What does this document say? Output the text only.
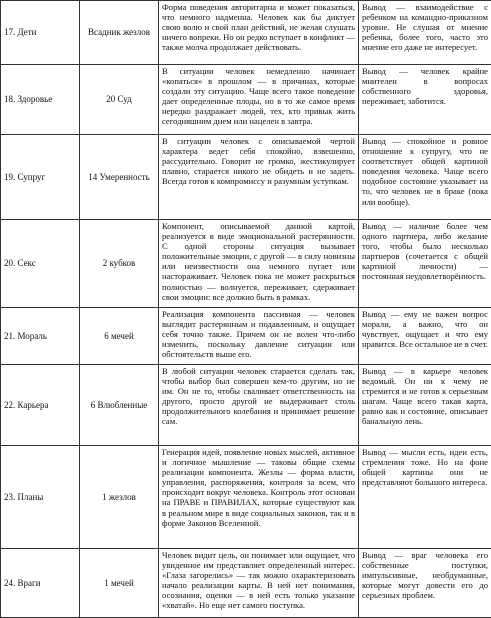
17. Дети	Всадник жезлов	Форма поведения авторитарна и может показаться, что немного надменна. Человек как бы диктует свою волю и свой план действий, не желая слушать ничего вопреки. Но он редко вступает в конфликт — также молча продолжает действовать.	Вывод — взаимодействие с ребенком на командно-приказном уровне. Не слушая от мнение ребенка, более того, часто это мнение его даже не интересует.
18. Здоровье	20 Суд	В ситуации человек немедленно начинает «копаться» в прошлом — в причинах, которые создали эту ситуацию. Чаще всего такое поведение дает определенные плоды, но в то же самое время нередко раздражает людей, тех, кто привык жить сегодняшним днем или нацелен в завтра.	Вывод — человек крайне мнителен в вопросах собственного здоровья, переживает, заботится.
19. Супруг	14 Умеренность	В ситуации человек с описываемой чертой характера ведет себя спокойно, взвешенно, рассудительно. Говорит не громко, жестикулирует плавно, старается никого не обидеть и не задеть. Всегда готов к компромиссу и разумным уступкам.	Вывод — спокойное и ровное отношение к супругу, что не соответствует общей картиной поведения человека. Чаще всего подобное состояние указывает на то, что человек не в браке (пока или вообще).
20. Секс	2 кубков	Компонент, описываемой данной картой, реализуется в виде эмоциональной растерянности. С одной стороны ситуация вызывает положительные эмоции, с другой — в силу новизны или неизвестности она немного пугает или настораживает. Человек пока не может раскрыться полностью — волнуется, переживает, сдерживает свои эмоции: все должно быть в рамках.	Вывод — наличие более чем одного партнера, либо желание того, чтобы было несколько партнеров (сочетается с общей картиной личности) — постоянная неудовлетворённость.
21. Мораль	6 мечей	Реализация компонента пассивная — человек выглядит растерянным и подавленным, и ощущает себя точно также. Причем он не волен что-либо изменить, поскольку давление ситуации или обстоятельств выше его.	Вывод — ему не важен вопрос морали, а важно, что он чувствует, ощущает и что ему нравится. Все остальное не в счет.
22. Карьера	6 Влюбленные	В любой ситуации человек старается сделать так, чтобы выбор был совершен кем-то другим, но не им. Он не то, чтобы сваливает ответственность на другого, просто другой не выдерживает столь продолжительного колебания и принимает решение сам.	Вывод — в карьере человек ведомый. Он ни к чему не стремится и не готов к серьезным шагам. Чаще всего такая карта, равно как и состояние, описывает банальную лень.
23. Планы	1 жезлов	Генерация идей, появление новых мыслей, активное и логичное мышление — таковы общие схемы реализации компонента. Жезлы — форма власти, управления, распоряжения, контроля за всем, что происходит вокруг человека. Контроль этот основан на ПРАВЕ и ПРАВИЛАХ, которые существуют как в реальном мире в виде социальных законов, так и в форме Законов Вселенной.	Вывод — мысли есть, идеи есть, стремления тоже. Но на фоне общей картины они не представляют большого интереса.
24. Враги	1 мечей	Человек видит цель, он понимает или ощущает, что увиденное им представляет определенный интерес. «Глаза загорелись» — так можно охарактеризовать начало реализации карты. В ней нет понимания, осознания, оценки — в ней есть только указание «хватай». Но еще нет самого поступка.	Вывод — враг человека его собственные поступки, импульсивные, необдуманные, которые могут довести его до серьезных проблем.
